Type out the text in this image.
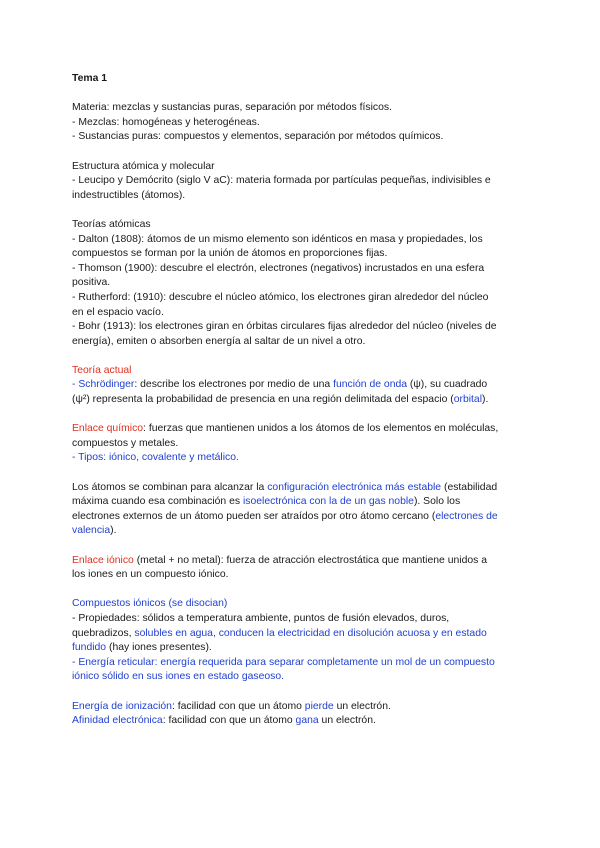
Tema 1
Materia: mezclas y sustancias puras, separación por métodos físicos.
- Mezclas: homogéneas y heterogéneas.
- Sustancias puras: compuestos y elementos, separación por métodos químicos.
Estructura atómica y molecular
- Leucipo y Demócrito (siglo V aC): materia formada por partículas pequeñas, indivisibles e
indestructibles (átomos).
Teorías atómicas
- Dalton (1808): átomos de un mismo elemento son idénticos en masa y propiedades, los
compuestos se forman por la unión de átomos en proporciones fijas.
- Thomson (1900): descubre el electrón, electrones (negativos) incrustados en una esfera
positiva.
- Rutherford: (1910): descubre el núcleo atómico, los electrones giran alrededor del núcleo
en el espacio vacío.
- Bohr (1913): los electrones giran en órbitas circulares fijas alrededor del núcleo (niveles de
energía), emiten o absorben energía al saltar de un nivel a otro.
Teoría actual
- Schrödinger: describe los electrones por medio de una función de onda (ψ), su cuadrado
(ψ²) representa la probabilidad de presencia en una región delimitada del espacio (orbital).
Enlace químico: fuerzas que mantienen unidos a los átomos de los elementos en moléculas,
compuestos y metales.
- Tipos: iónico, covalente y metálico.
Los átomos se combinan para alcanzar la configuración electrónica más estable (estabilidad
máxima cuando esa combinación es isoelectrónica con la de un gas noble). Solo los
electrones externos de un átomo pueden ser atraídos por otro átomo cercano (electrones de
valencia).
Enlace iónico (metal + no metal): fuerza de atracción electrostática que mantiene unidos a
los iones en un compuesto iónico.
Compuestos iónicos (se disocian)
- Propiedades: sólidos a temperatura ambiente, puntos de fusión elevados, duros,
quebradizos, solubles en agua, conducen la electricidad en disolución acuosa y en estado
fundido (hay iones presentes).
- Energía reticular: energía requerida para separar completamente un mol de un compuesto
iónico sólido en sus iones en estado gaseoso.
Energía de ionización: facilidad con que un átomo pierde un electrón.
Afinidad electrónica: facilidad con que un átomo gana un electrón.
